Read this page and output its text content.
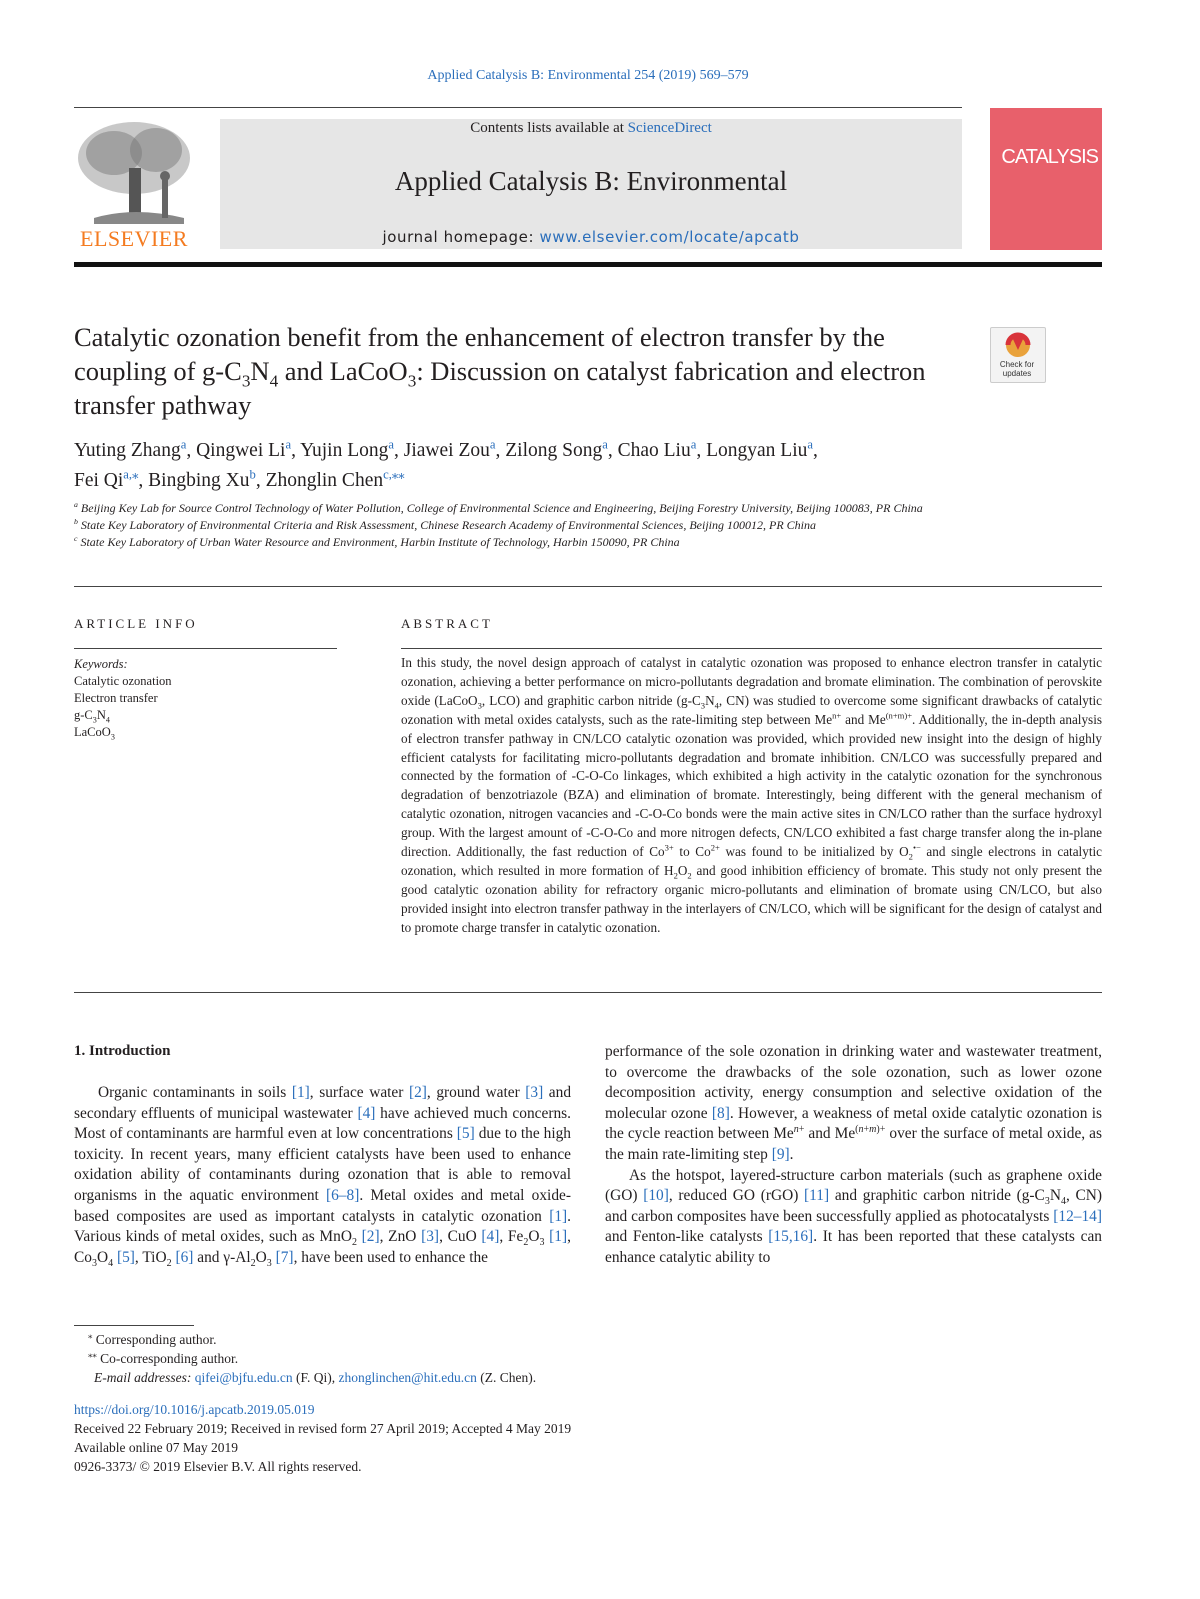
Applied Catalysis B: Environmental 254 (2019) 569–579
ELSEVIER
Contents lists available at ScienceDirect
Applied Catalysis B: Environmental
journal homepage: www.elsevier.com/locate/apcatb
CATALYSIS
Catalytic ozonation benefit from the enhancement of electron transfer by the coupling of $g-C_3N_4$ and LaCoO$_3$: Discussion on catalyst fabrication and electron transfer pathway
Check for updates
Yuting Zhang$^a$, Qingwei Li$^a$, Yujin Long$^a$, Jiawei Zou$^a$, Zilong Song$^a$, Chao Liu$^a$, Longyan Liu$^a$,
Fei $Qi^{a,⁎}$, Bingbing Xu$^b$, Zhonglin Chen$^{c,⁎⁎}$
$^a$ Beijing Key Lab for Source Control Technology of Water Pollution, College of Environmental Science and Engineering, Beijing Forestry University, Beijing 100083, PR China
$^b$ State Key Laboratory of Environmental Criteria and Risk Assessment, Chinese Research Academy of Environmental Sciences, Beijing 100012, PR China
$^c$ State Key Laboratory of Urban Water Resource and Environment, Harbin Institute of Technology, Harbin 150090, PR China
ARTICLE INFO	ABSTRACT
Keywords:
Catalytic ozonation
Electron transfer
$g-C_3N_4$
LaCoO$_3$
In this study, the novel design approach of catalyst in catalytic ozonation was proposed to enhance electron transfer in catalytic ozonation, achieving a better performance on micro-pollutants degradation and bromate elimination. The combination of perovskite oxide (LaCoO$_3$, LCO) and graphitic carbon nitride ($g-C_3N_4$, CN) was studied to overcome some significant drawbacks of catalytic ozonation with metal oxides catalysts, such as the rate-limiting step between $Me^{n+}$ and $Me^{(n+m)+}$. Additionally, the in-depth analysis of electron transfer pathway in CN/LCO catalytic ozonation was provided, which provided new insight into the design of highly efficient catalysts for facilitating micro-pollutants degradation and bromate inhibition. CN/LCO was successfully prepared and connected by the formation of -C-O-Co linkages, which exhibited a high activity in the catalytic ozonation for the synchronous degradation of benzotriazole (BZA) and elimination of bromate. Interestingly, being different with the general mechanism of catalytic ozonation, nitrogen vacancies and -C-O-Co bonds were the main active sites in CN/LCO rather than the surface hydroxyl group. With the largest amount of -C-O-Co and more nitrogen defects, CN/LCO exhibited a fast charge transfer along the in-plane direction. Additionally, the fast reduction of $Co^{3+}$ to $Co^{2+}$ was found to be initialized by $O_2^{•-}$ and single electrons in catalytic ozonation, which resulted in more formation of $H_2O_2$ and good inhibition efficiency of bromate. This study not only present the good catalytic ozonation ability for refractory organic micro-pollutants and elimination of bromate using CN/LCO, but also provided insight into electron transfer pathway in the interlayers of CN/LCO, which will be significant for the design of catalyst and to promote charge transfer in catalytic ozonation.
1. Introduction

Organic contaminants in soils [1], surface water [2], ground water [3] and secondary effluents of municipal wastewater [4] have achieved much concerns. Most of contaminants are harmful even at low concentrations [5] due to the high toxicity. In recent years, many efficient catalysts have been used to enhance oxidation ability of contaminants during ozonation that is able to removal organisms in the aquatic environment [6–8]. Metal oxides and metal oxide-based composites are used as important catalysts in catalytic ozonation [1]. Various kinds of metal oxides, such as MnO$_2$ [2], ZnO [3], CuO [4], $Fe_2O_3$ [1], $Co_3O_4$ [5], TiO$_2$ [6] and $\gamma-Al_2O_3$ [7], have been used to enhance the

performance of the sole ozonation in drinking water and wastewater treatment, to overcome the drawbacks of the sole ozonation, such as lower ozone decomposition activity, energy consumption and selective oxidation of the molecular ozone [8]. However, a weakness of metal oxide catalytic ozonation is the cycle reaction between $Me^{n+}$ and $Me^{(n+m)+}$ over the surface of metal oxide, as the main rate-limiting step [9].

As the hotspot, layered-structure carbon materials (such as graphene oxide (GO) [10], reduced GO (rGO) [11] and graphitic carbon nitride ($g-C_3N_4$, CN) and carbon composites have been successfully applied as photocatalysts [12–14] and Fenton-like catalysts [15,16]. It has been reported that these catalysts can enhance catalytic ability to

⁎ Corresponding author.
⁎⁎ Co-corresponding author.
E-mail addresses: qifei@bjfu.edu.cn (F. Qi), zhonglinchen@hit.edu.cn (Z. Chen).
https://doi.org/10.1016/j.apcatb.2019.05.019
Received 22 February 2019; Received in revised form 27 April 2019; Accepted 4 May 2019
Available online 07 May 2019
0926-3373/ © 2019 Elsevier B.V. All rights reserved.
